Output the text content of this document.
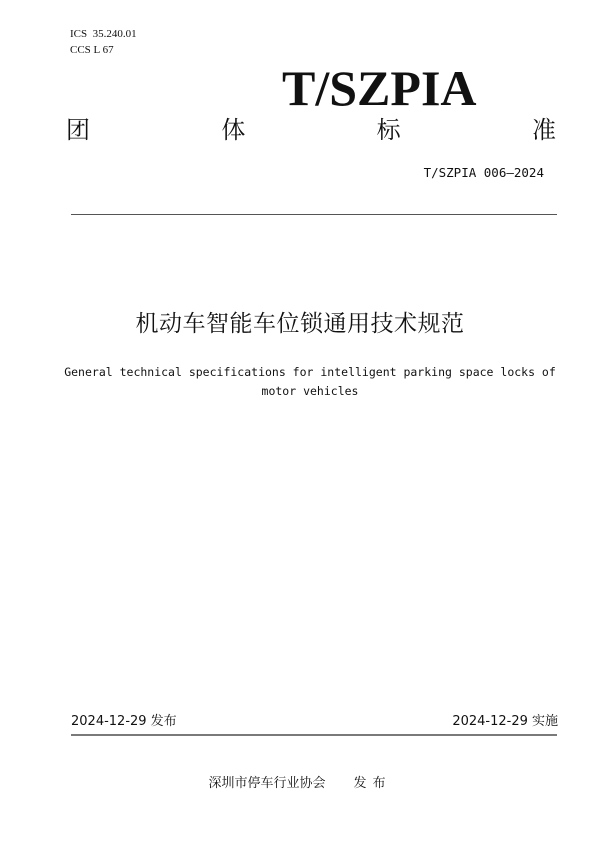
ICS  35.240.01
CCS L 67
T/SZPIA
团	体	标	准
T/SZPIA 006—2024
机动车智能车位锁通用技术规范
General technical specifications for intelligent parking space locks of motor vehicles
2024-12-29 发布	2024-12-29 实施
深圳市停车行业协会 发布
